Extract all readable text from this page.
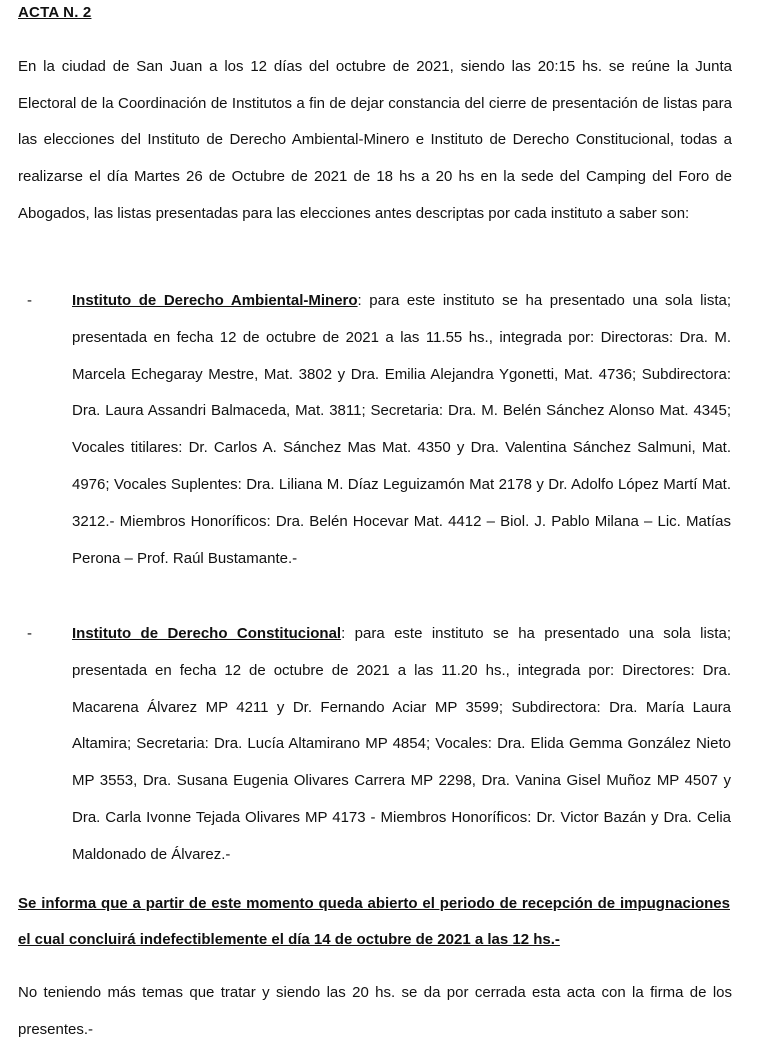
ACTA N. 2
En la ciudad de San Juan a los 12 días del octubre de 2021, siendo las 20:15 hs. se reúne la Junta Electoral de la Coordinación de Institutos a fin de dejar constancia del cierre de presentación de listas para las elecciones del Instituto de Derecho Ambiental-Minero e Instituto de Derecho Constitucional, todas a realizarse el día Martes 26 de Octubre de 2021 de 18 hs a 20 hs en la sede del Camping del Foro de Abogados, las listas presentadas para las elecciones antes descriptas por cada instituto a saber son:
-	Instituto de Derecho Ambiental-Minero: para este instituto se ha presentado una sola lista; presentada en fecha 12 de octubre de 2021 a las 11.55 hs., integrada por: Directoras: Dra. M. Marcela Echegaray Mestre, Mat. 3802 y Dra. Emilia Alejandra Ygonetti, Mat. 4736; Subdirectora: Dra. Laura Assandri Balmaceda, Mat. 3811; Secretaria: Dra. M. Belén Sánchez Alonso Mat. 4345; Vocales titilares: Dr. Carlos A. Sánchez Mas Mat. 4350 y Dra. Valentina Sánchez Salmuni, Mat. 4976; Vocales Suplentes: Dra. Liliana M. Díaz Leguizamón Mat 2178 y Dr. Adolfo López Martí Mat. 3212.- Miembros Honoríficos: Dra. Belén Hocevar Mat. 4412 – Biol. J. Pablo Milana – Lic. Matías Perona – Prof. Raúl Bustamante.-
-	Instituto de Derecho Constitucional: para este instituto se ha presentado una sola lista; presentada en fecha 12 de octubre de 2021 a las 11.20 hs., integrada por: Directores: Dra. Macarena Álvarez MP 4211 y Dr. Fernando Aciar MP 3599; Subdirectora: Dra. María Laura Altamira; Secretaria: Dra. Lucía Altamirano MP 4854; Vocales: Dra. Elida Gemma González Nieto MP 3553, Dra. Susana Eugenia Olivares Carrera MP 2298, Dra. Vanina Gisel Muñoz MP 4507 y Dra. Carla Ivonne Tejada Olivares MP 4173 - Miembros Honoríficos: Dr. Victor Bazán y Dra. Celia Maldonado de Álvarez.-
Se informa que a partir de este momento queda abierto el periodo de recepción de impugnaciones el cual concluirá indefectiblemente el día 14 de octubre de 2021 a las 12 hs.-
No teniendo más temas que tratar y siendo las 20 hs. se da por cerrada esta acta con la firma de los presentes.-
